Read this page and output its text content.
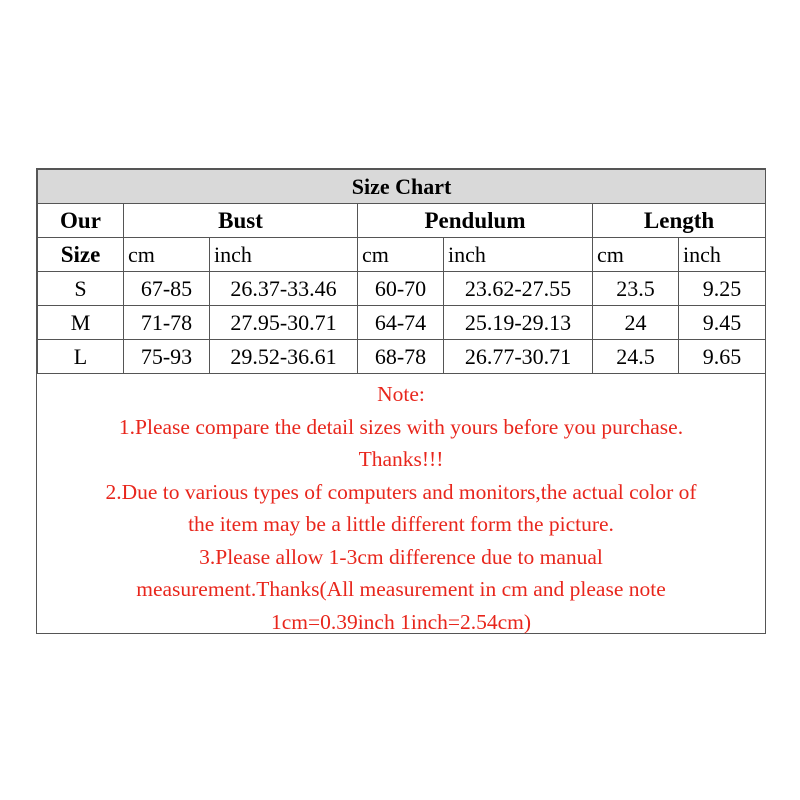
Size Chart						
Our	Bust		Pendulum		Length	
Size	cm	inch	cm	inch	cm	inch
S	67-85	26.37-33.46	60-70	23.62-27.55	23.5	9.25
M	71-78	27.95-30.71	64-74	25.19-29.13	24	9.45
L	75-93	29.52-36.61	68-78	26.77-30.71	24.5	9.65
Note:
1.Please compare the detail sizes with yours before you purchase.
Thanks!!!
2.Due to various types of computers and monitors,the actual color of
the item may be a little different form the picture.
3.Please allow 1-3cm difference due to manual
measurement.Thanks(All measurement in cm and please note
1cm=0.39inch 1inch=2.54cm)
